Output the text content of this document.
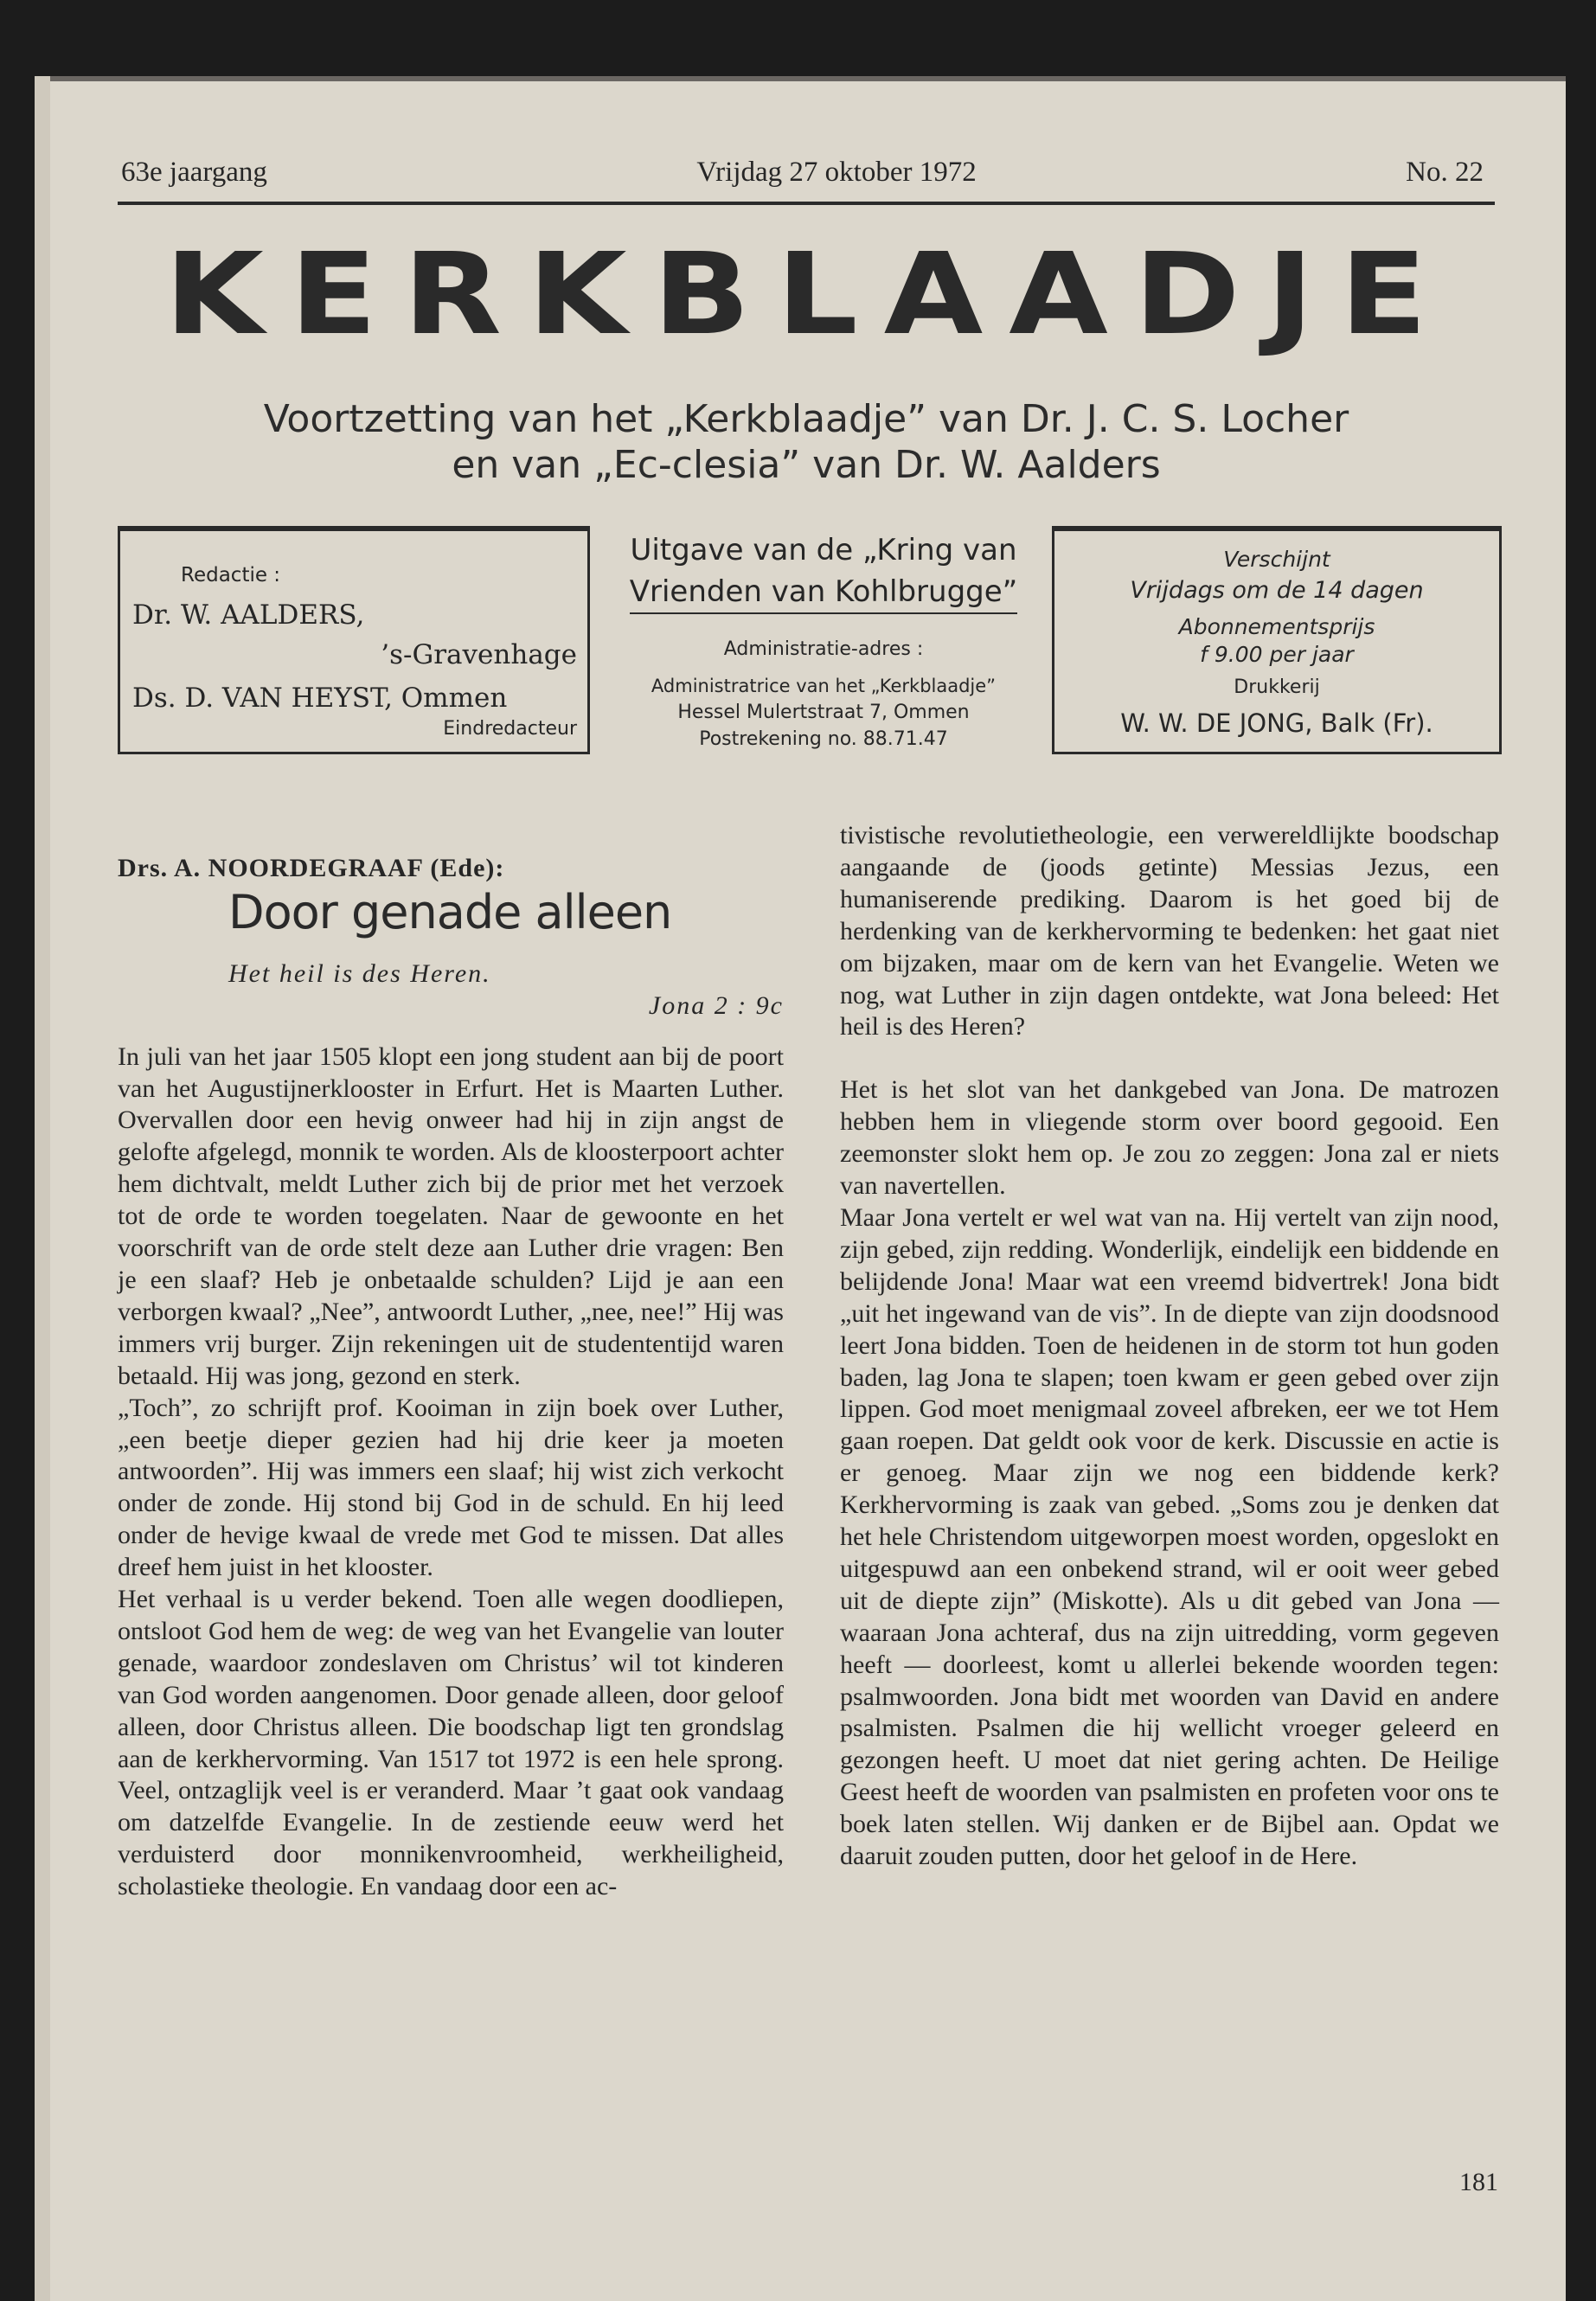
63e jaargang	Vrijdag 27 oktober 1972	No. 22
KERKBLAADJE
Voortzetting van het „Kerkblaadje” van Dr. J. C. S. Locher
en van „Ec-clesia” van Dr. W. Aalders
Redactie :
Dr. W. AALDERS,
’s-Gravenhage
Ds. D. VAN HEYST, Ommen
Eindredacteur
Uitgave van de „Kring van
Vrienden van Kohlbrugge”
Administratie-adres :
Administratrice van het „Kerkblaadje”
Hessel Mulertstraat 7, Ommen
Postrekening no. 88.71.47
Verschijnt
Vrijdags om de 14 dagen
Abonnementsprijs
f 9.00 per jaar
Drukkerij
W. W. DE JONG, Balk (Fr).
Drs. A. NOORDEGRAAF (Ede):
Door genade alleen
Het heil is des Heren.
Jona 2 : 9c

In juli van het jaar 1505 klopt een jong student aan bij de poort van het Augustijnerklooster in Erfurt. Het is Maarten Luther. Overvallen door een hevig onweer had hij in zijn angst de gelofte afgelegd, monnik te worden. Als de kloosterpoort achter hem dichtvalt, meldt Luther zich bij de prior met het verzoek tot de orde te worden toegelaten. Naar de gewoonte en het voorschrift van de orde stelt deze aan Luther drie vragen: Ben je een slaaf? Heb je onbetaalde schulden? Lijd je aan een verborgen kwaal? „Nee”, antwoordt Luther, „nee, nee!” Hij was immers vrij burger. Zijn rekeningen uit de studententijd waren betaald. Hij was jong, gezond en sterk.

„Toch”, zo schrijft prof. Kooiman in zijn boek over Luther, „een beetje dieper gezien had hij drie keer ja moeten antwoorden”. Hij was immers een slaaf; hij wist zich verkocht onder de zonde. Hij stond bij God in de schuld. En hij leed onder de hevige kwaal de vrede met God te missen. Dat alles dreef hem juist in het klooster.

Het verhaal is u verder bekend. Toen alle wegen doodliepen, ontsloot God hem de weg: de weg van het Evangelie van louter genade, waardoor zondeslaven om Christus’ wil tot kinderen van God worden aangenomen. Door genade alleen, door geloof alleen, door Christus alleen. Die boodschap ligt ten grondslag aan de kerkhervorming. Van 1517 tot 1972 is een hele sprong. Veel, ontzaglijk veel is er veranderd. Maar ’t gaat ook vandaag om datzelfde Evangelie. In de zestiende eeuw werd het verduisterd door monnikenvroomheid, werkheiligheid, scholastieke theologie. En vandaag door een ac-

tivistische revolutietheologie, een verwereldlijkte boodschap aangaande de (joods getinte) Messias Jezus, een humaniserende prediking. Daarom is het goed bij de herdenking van de kerkhervorming te bedenken: het gaat niet om bijzaken, maar om de kern van het Evangelie. Weten we nog, wat Luther in zijn dagen ontdekte, wat Jona beleed: Het heil is des Heren?

Het is het slot van het dankgebed van Jona. De matrozen hebben hem in vliegende storm over boord gegooid. Een zeemonster slokt hem op. Je zou zo zeggen: Jona zal er niets van navertellen.

Maar Jona vertelt er wel wat van na. Hij vertelt van zijn nood, zijn gebed, zijn redding. Wonderlijk, eindelijk een biddende en belijdende Jona! Maar wat een vreemd bidvertrek! Jona bidt „uit het ingewand van de vis”. In de diepte van zijn doodsnood leert Jona bidden. Toen de heidenen in de storm tot hun goden baden, lag Jona te slapen; toen kwam er geen gebed over zijn lippen. God moet menigmaal zoveel afbreken, eer we tot Hem gaan roepen. Dat geldt ook voor de kerk. Discussie en actie is er genoeg. Maar zijn we nog een biddende kerk? Kerkhervorming is zaak van gebed. „Soms zou je denken dat het hele Christendom uitgeworpen moest worden, opgeslokt en uitgespuwd aan een onbekend strand, wil er ooit weer gebed uit de diepte zijn” (Miskotte). Als u dit gebed van Jona — waaraan Jona achteraf, dus na zijn uitredding, vorm gegeven heeft — doorleest, komt u allerlei bekende woorden tegen: psalmwoorden. Jona bidt met woorden van David en andere psalmisten. Psalmen die hij wellicht vroeger geleerd en gezongen heeft. U moet dat niet gering achten. De Heilige Geest heeft de woorden van psalmisten en profeten voor ons te boek laten stellen. Wij danken er de Bijbel aan. Opdat we daaruit zouden putten, door het geloof in de Here.

181
